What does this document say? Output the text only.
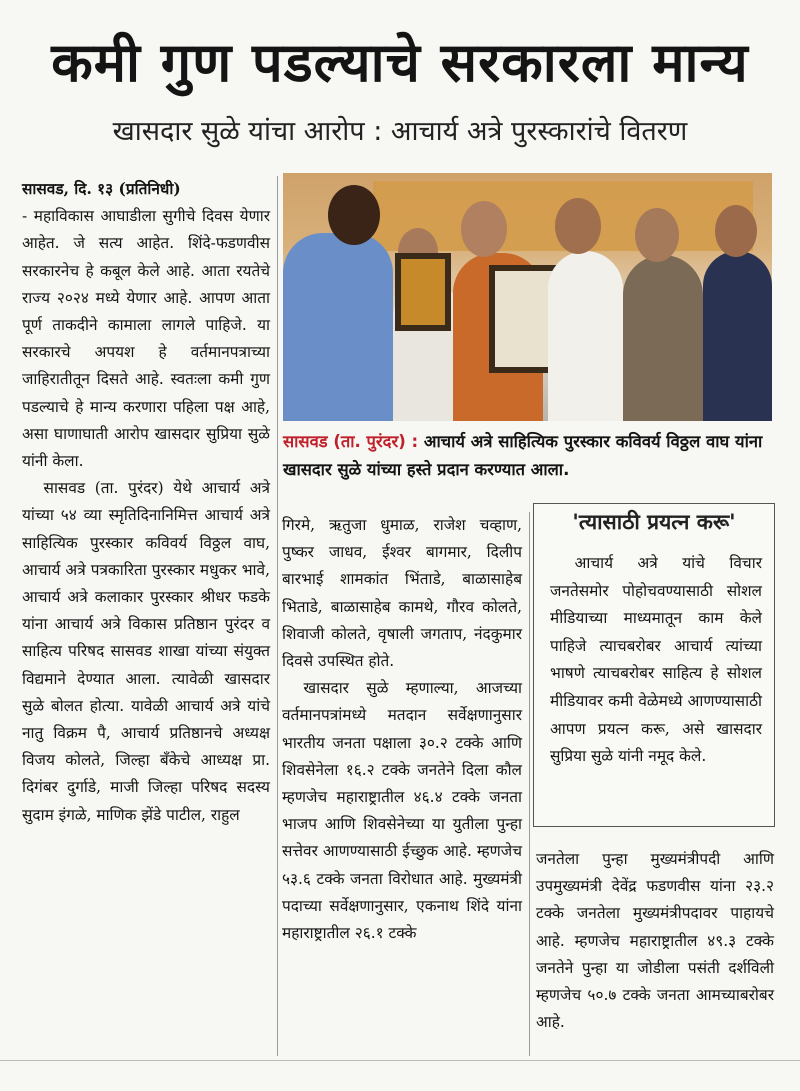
कमी गुण पडल्याचे सरकारला मान्य
खासदार सुळे यांचा आरोप : आचार्य अत्रे पुरस्कारांचे वितरण

सासवड, दि. १३ (प्रतिनिधी)

- महाविकास आघाडीला सुगीचे दिवस येणार आहेत. जे सत्य आहेत. शिंदे-फडणवीस सरकारनेच हे कबूल केले आहे. आता रयतेचे राज्य २०२४ मध्ये येणार आहे. आपण आता पूर्ण ताकदीने कामाला लागले पाहिजे. या सरकारचे अपयश हे वर्तमानपत्राच्या जाहिरातीतून दिसते आहे. स्वतःला कमी गुण पडल्याचे हे मान्य करणारा पहिला पक्ष आहे, असा घाणाघाती आरोप खासदार सुप्रिया सुळे यांनी केला.

सासवड (ता. पुरंदर) येथे आचार्य अत्रे यांच्या ५४ व्या स्मृतिदिनानिमित्त आचार्य अत्रे साहित्यिक पुरस्कार कविवर्य विठ्ठल वाघ, आचार्य अत्रे पत्रकारिता पुरस्कार मधुकर भावे, आचार्य अत्रे कलाकार पुरस्कार श्रीधर फडके यांना आचार्य अत्रे विकास प्रतिष्ठान पुरंदर व साहित्य परिषद सासवड शाखा यांच्या संयुक्त विद्यमाने देण्यात आला. त्यावेळी खासदार सुळे बोलत होत्या. यावेळी आचार्य अत्रे यांचे नातु विक्रम पै, आचार्य प्रतिष्ठानचे अध्यक्ष विजय कोलते, जिल्हा बँकेचे आध्यक्ष प्रा. दिगंबर दुर्गाडे, माजी जिल्हा परिषद सदस्य सुदाम इंगळे, माणिक झेंडे पाटील, राहुल

सासवड (ता. पुरंदर) : आचार्य अत्रे साहित्यिक पुरस्कार कविवर्य विठ्ठल वाघ यांना खासदार सुळे यांच्या हस्ते प्रदान करण्यात आला.

गिरमे, ऋतुजा धुमाळ, राजेश चव्हाण, पुष्कर जाधव, ईश्वर बागमार, दिलीप बारभाई शामकांत भिंताडे, बाळासाहेब भिताडे, बाळासाहेब कामथे, गौरव कोलते, शिवाजी कोलते, वृषाली जगताप, नंदकुमार दिवसे उपस्थित होते.

खासदार सुळे म्हणाल्या, आजच्या वर्तमानपत्रांमध्ये मतदान सर्वेक्षणानुसार भारतीय जनता पक्षाला ३०.२ टक्के आणि शिवसेनेला १६.२ टक्के जनतेने दिला कौल म्हणजेच महाराष्ट्रातील ४६.४ टक्के जनता भाजप आणि शिवसेनेच्या या युतीला पुन्हा सत्तेवर आणण्यासाठी ईच्छुक आहे. म्हणजेच ५३.६ टक्के जनता विरोधात आहे. मुख्यमंत्री पदाच्या सर्वेक्षणानुसार, एकनाथ शिंदे यांना महाराष्ट्रातील २६.१ टक्के

'त्यासाठी प्रयत्न करू'

आचार्य अत्रे यांचे विचार जनतेसमोर पोहोचवण्यासाठी सोशल मीडियाच्या माध्यमातून काम केले पाहिजे त्याचबरोबर आचार्य त्यांच्या भाषणे त्याचबरोबर साहित्य हे सोशल मीडियावर कमी वेळेमध्ये आणण्यासाठी आपण प्रयत्न करू, असे खासदार सुप्रिया सुळे यांनी नमूद केले.

जनतेला पुन्हा मुख्यमंत्रीपदी आणि उपमुख्यमंत्री देवेंद्र फडणवीस यांना २३.२ टक्के जनतेला मुख्यमंत्रीपदावर पाहायचे आहे. म्हणजेच महाराष्ट्रातील ४९.३ टक्के जनतेने पुन्हा या जोडीला पसंती दर्शविली म्हणजेच ५०.७ टक्के जनता आमच्याबरोबर आहे.
